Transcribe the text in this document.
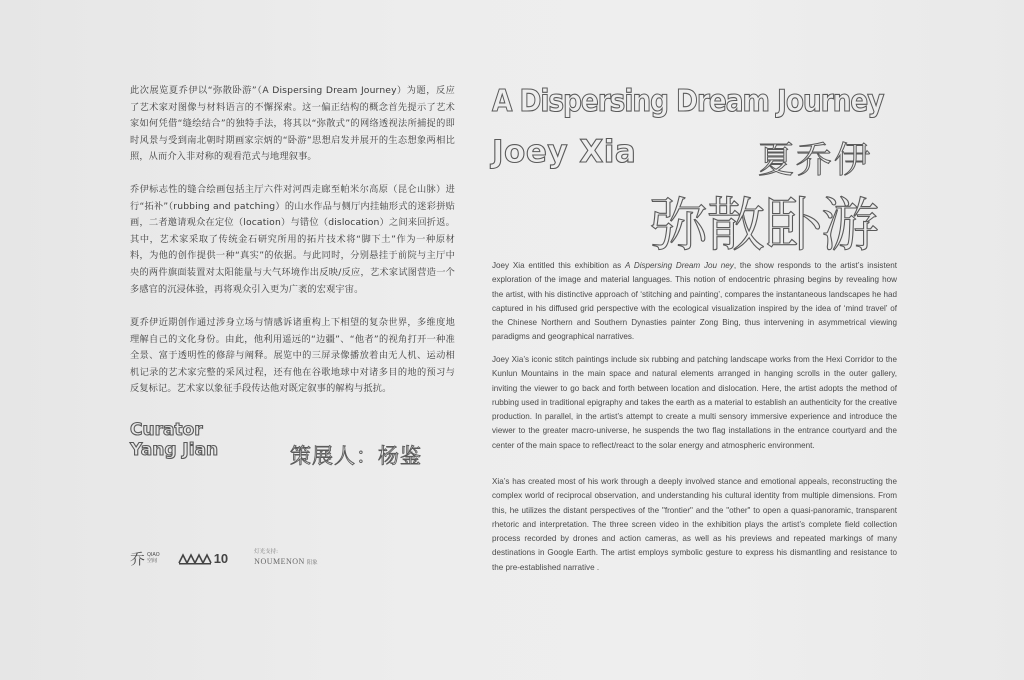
此次展览夏乔伊以“弥散卧游”（A Dispersing Dream Journey）为题，反应了艺术家对图像与材料语言的不懈探索。这一偏正结构的概念首先提示了艺术家如何凭借“缝绘结合”的独特手法，将其以“弥散式”的网络透视法所捕捉的即时风景与受到南北朝时期画家宗炳的“卧游”思想启发并展开的生态想象两相比照，从而介入非对称的观看范式与地理叙事。
乔伊标志性的缝合绘画包括主厅六件对河西走廊至帕米尔高原（昆仑山脉）进行“拓补”（rubbing and patching）的山水作品与侧厅内挂轴形式的迷彩拼贴画，二者邀请观众在定位（location）与错位（dislocation）之间来回折返。其中，艺术家采取了传统金石研究所用的拓片技术将“脚下土”作为一种原材料，为他的创作提供一种“真实”的依据。与此同时，分别悬挂于前院与主厅中央的两件旗面装置对太阳能量与大气环境作出反映/反应，艺术家试图营造一个多感官的沉浸体验，再将观众引入更为广袤的宏观宇宙。
夏乔伊近期创作通过涉身立场与情感诉诸重构上下相望的复杂世界，多维度地理解自己的文化身份。由此，他利用遥远的“边疆”、“他者”的视角打开一种准全景、富于透明性的修辞与阐释。展览中的三屏录像播放着由无人机、运动相机记录的艺术家完整的采风过程，还有他在谷歌地球中对诸多目的地的预习与反复标记。艺术家以象征手段传达他对既定叙事的解构与抵抗。
Curator
Yang Jian	策展人：杨鉴
乔 QIAO
空间	10	灯光支持:
NOUMENON 阳象
A Dispersing Dream Journey
Joey Xia	夏乔伊
弥散卧游
Joey Xia entitled this exhibition as A Dispersing Dream Jou ney, the show responds to the artist’s insistent exploration of the image and material languages. This notion of endocentric phrasing begins by revealing how the artist, with his distinctive approach of ‘stitching and painting’, compares the instantaneous landscapes he had captured in his diffused grid perspective with the ecological visualization inspired by the idea of ‘mind travel’ of the Chinese Northern and Southern Dynasties painter Zong Bing, thus intervening in asymmetrical viewing paradigms and geographical narratives.
Joey Xia’s iconic stitch paintings include six rubbing and patching landscape works from the Hexi Corridor to the Kunlun Mountains in the main space and natural elements arranged in hanging scrolls in the outer gallery, inviting the viewer to go back and forth between location and dislocation. Here, the artist adopts the method of rubbing used in traditional epigraphy and takes the earth as a material to establish an authenticity for the creative production. In parallel, in the artist’s attempt to create a multi sensory immersive experience and introduce the viewer to the greater macro-universe, he suspends the two flag installations in the entrance courtyard and the center of the main space to reflect/react to the solar energy and atmospheric environment.
Xia’s has created most of his work through a deeply involved stance and emotional appeals, reconstructing the complex world of reciprocal observation, and understanding his cultural identity from multiple dimensions. From this, he utilizes the distant perspectives of the "frontier" and the "other" to open a quasi-panoramic, transparent rhetoric and interpretation. The three screen video in the exhibition plays the artist’s complete field collection process recorded by drones and action cameras, as well as his previews and repeated markings of many destinations in Google Earth. The artist employs symbolic gesture to express his dismantling and resistance to the pre-established narrative .
